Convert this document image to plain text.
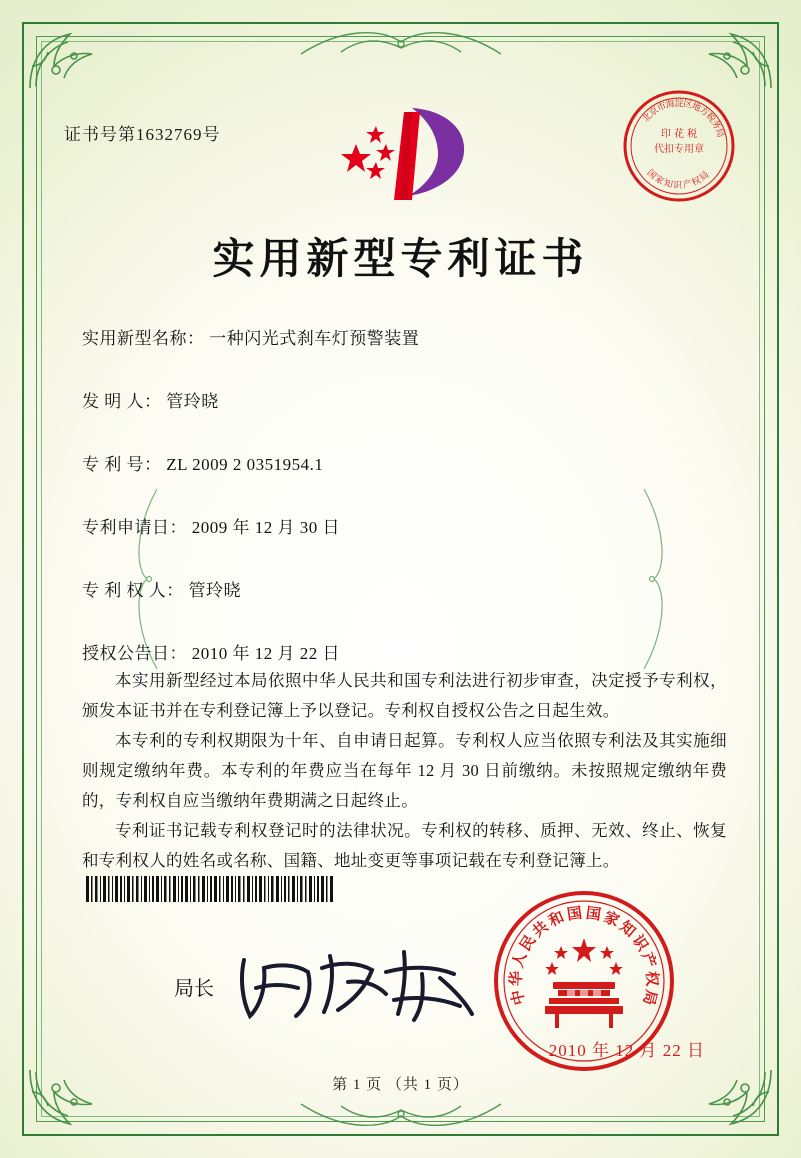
证书号第1632769号
北
京
市
海
淀
区
地
方
税
务
局
印 花 税
代扣专用章
国
家
知 识 产
权
局
实用新型专利证书
实用新型名称： 一种闪光式刹车灯预警装置
发 明 人： 管玲晓
专 利 号： ZL 2009 2 0351954.1
专利申请日： 2009 年 12 月 30 日
专 利 权 人： 管玲晓
授权公告日： 2010 年 12 月 22 日

本实用新型经过本局依照中华人民共和国专利法进行初步审查，决定授予专利权，颁发本证书并在专利登记簿上予以登记。专利权自授权公告之日起生效。

本专利的专利权期限为十年、自申请日起算。专利权人应当依照专利法及其实施细则规定缴纳年费。本专利的年费应当在每年 12 月 30 日前缴纳。未按照规定缴纳年费的，专利权自应当缴纳年费期满之日起终止。

专利证书记载专利权登记时的法律状况。专利权的转移、质押、无效、终止、恢复和专利权人的姓名或名称、国籍、地址变更等事项记载在专利登记簿上。

局长	中
华
人
民
共
和
国 国
家
知
识
产
权
局
2010 年 12 月 22 日
第 1 页 （共 1 页）
